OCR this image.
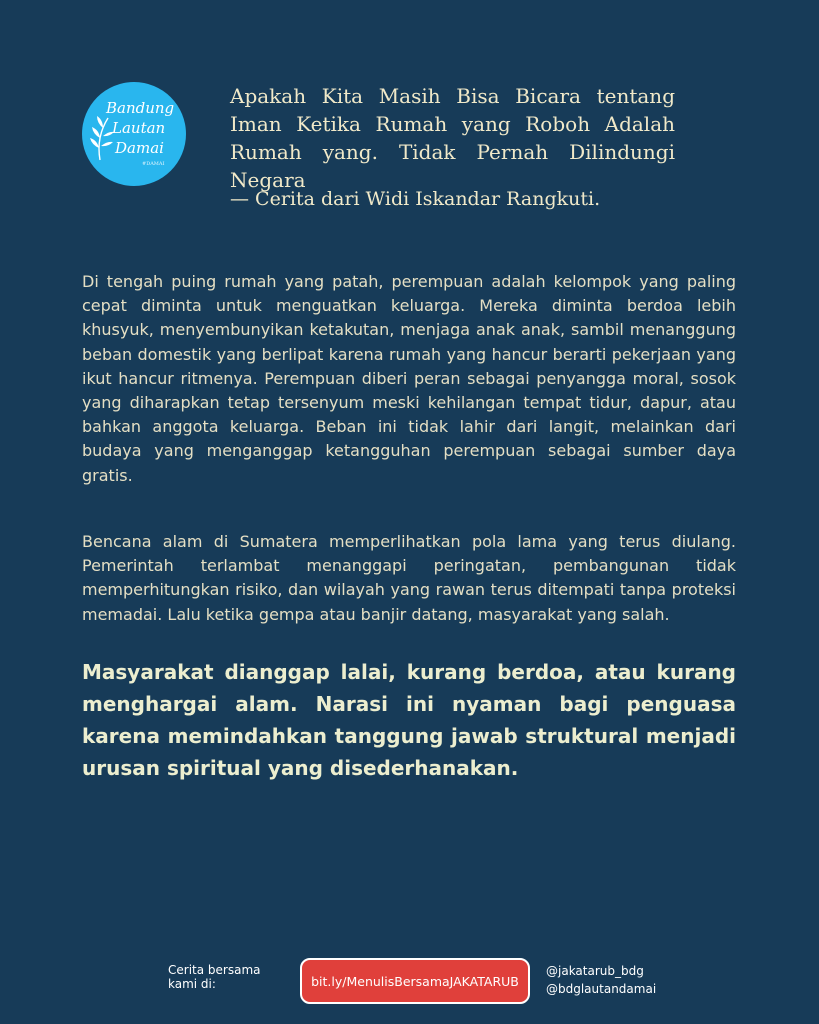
Bandung
Lautan
Damai
#DAMAI
Apakah Kita Masih Bisa Bicara tentang Iman Ketika Rumah yang Roboh Adalah Rumah yang. Tidak Pernah Dilindungi Negara

— Cerita dari Widi Iskandar Rangkuti.

Di tengah puing rumah yang patah, perempuan adalah kelompok yang paling cepat diminta untuk menguatkan keluarga. Mereka diminta berdoa lebih khusyuk, menyembunyikan ketakutan, menjaga anak anak, sambil menanggung beban domestik yang berlipat karena rumah yang hancur berarti pekerjaan yang ikut hancur ritmenya. Perempuan diberi peran sebagai penyangga moral, sosok yang diharapkan tetap tersenyum meski kehilangan tempat tidur, dapur, atau bahkan anggota keluarga. Beban ini tidak lahir dari langit, melainkan dari budaya yang menganggap ketangguhan perempuan sebagai sumber daya gratis.

Bencana alam di Sumatera memperlihatkan pola lama yang terus diulang. Pemerintah terlambat menanggapi peringatan, pembangunan tidak memperhitungkan risiko, dan wilayah yang rawan terus ditempati tanpa proteksi memadai. Lalu ketika gempa atau banjir datang, masyarakat yang salah.

Masyarakat dianggap lalai, kurang berdoa, atau kurang menghargai alam. Narasi ini nyaman bagi penguasa karena memindahkan tanggung jawab struktural menjadi urusan spiritual yang disederhanakan.

Cerita bersama
kami di:	bit.ly/MenulisBersamaJAKATARUB
@jakatarub_bdg
@bdglautandamai
